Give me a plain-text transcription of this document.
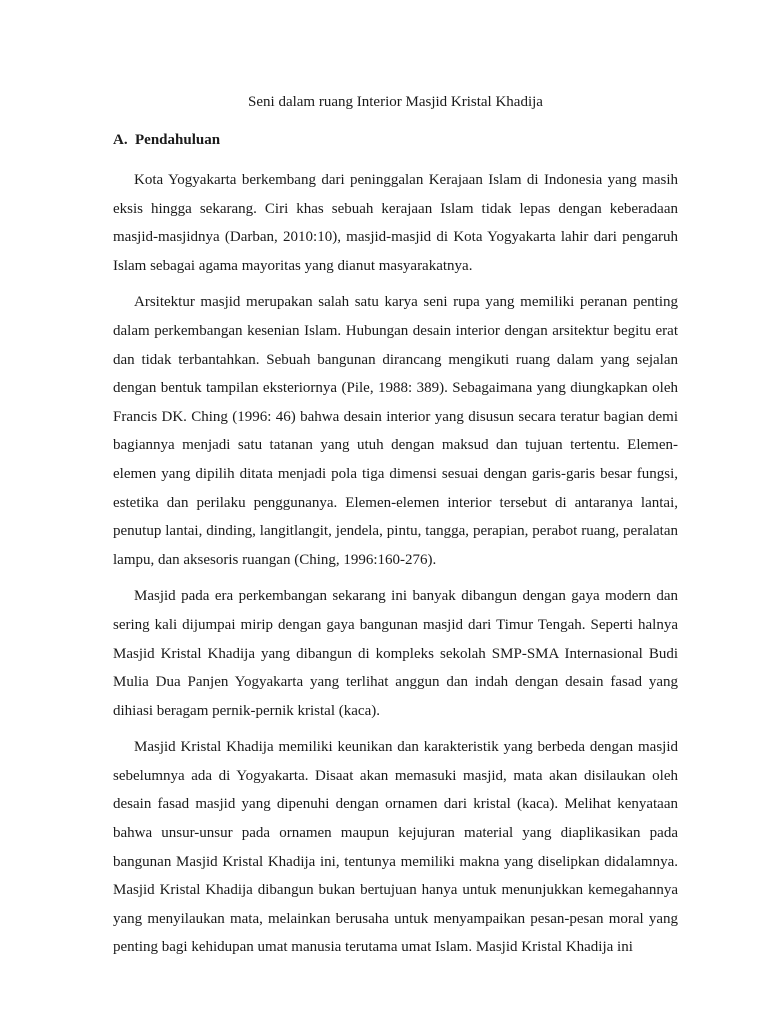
Seni dalam ruang Interior Masjid Kristal Khadija
A. Pendahuluan

Kota Yogyakarta berkembang dari peninggalan Kerajaan Islam di Indonesia yang masih eksis hingga sekarang. Ciri khas sebuah kerajaan Islam tidak lepas dengan keberadaan masjid-masjidnya (Darban, 2010:10), masjid-masjid di Kota Yogyakarta lahir dari pengaruh Islam sebagai agama mayoritas yang dianut masyarakatnya.

Arsitektur masjid merupakan salah satu karya seni rupa yang memiliki peranan penting dalam perkembangan kesenian Islam. Hubungan desain interior dengan arsitektur begitu erat dan tidak terbantahkan. Sebuah bangunan dirancang mengikuti ruang dalam yang sejalan dengan bentuk tampilan eksteriornya (Pile, 1988: 389). Sebagaimana yang diungkapkan oleh Francis DK. Ching (1996: 46) bahwa desain interior yang disusun secara teratur bagian demi bagiannya menjadi satu tatanan yang utuh dengan maksud dan tujuan tertentu. Elemen-elemen yang dipilih ditata menjadi pola tiga dimensi sesuai dengan garis-garis besar fungsi, estetika dan perilaku penggunanya. Elemen-elemen interior tersebut di antaranya lantai, penutup lantai, dinding, langitlangit, jendela, pintu, tangga, perapian, perabot ruang, peralatan lampu, dan aksesoris ruangan (Ching, 1996:160-276).

Masjid pada era perkembangan sekarang ini banyak dibangun dengan gaya modern dan sering kali dijumpai mirip dengan gaya bangunan masjid dari Timur Tengah. Seperti halnya Masjid Kristal Khadija yang dibangun di kompleks sekolah SMP-SMA Internasional Budi Mulia Dua Panjen Yogyakarta yang terlihat anggun dan indah dengan desain fasad yang dihiasi beragam pernik-pernik kristal (kaca).

Masjid Kristal Khadija memiliki keunikan dan karakteristik yang berbeda dengan masjid sebelumnya ada di Yogyakarta. Disaat akan memasuki masjid, mata akan disilaukan oleh desain fasad masjid yang dipenuhi dengan ornamen dari kristal (kaca). Melihat kenyataan bahwa unsur-unsur pada ornamen maupun kejujuran material yang diaplikasikan pada bangunan Masjid Kristal Khadija ini, tentunya memiliki makna yang diselipkan didalamnya. Masjid Kristal Khadija dibangun bukan bertujuan hanya untuk menunjukkan kemegahannya yang menyilaukan mata, melainkan berusaha untuk menyampaikan pesan-pesan moral yang penting bagi kehidupan umat manusia terutama umat Islam. Masjid Kristal Khadija ini
